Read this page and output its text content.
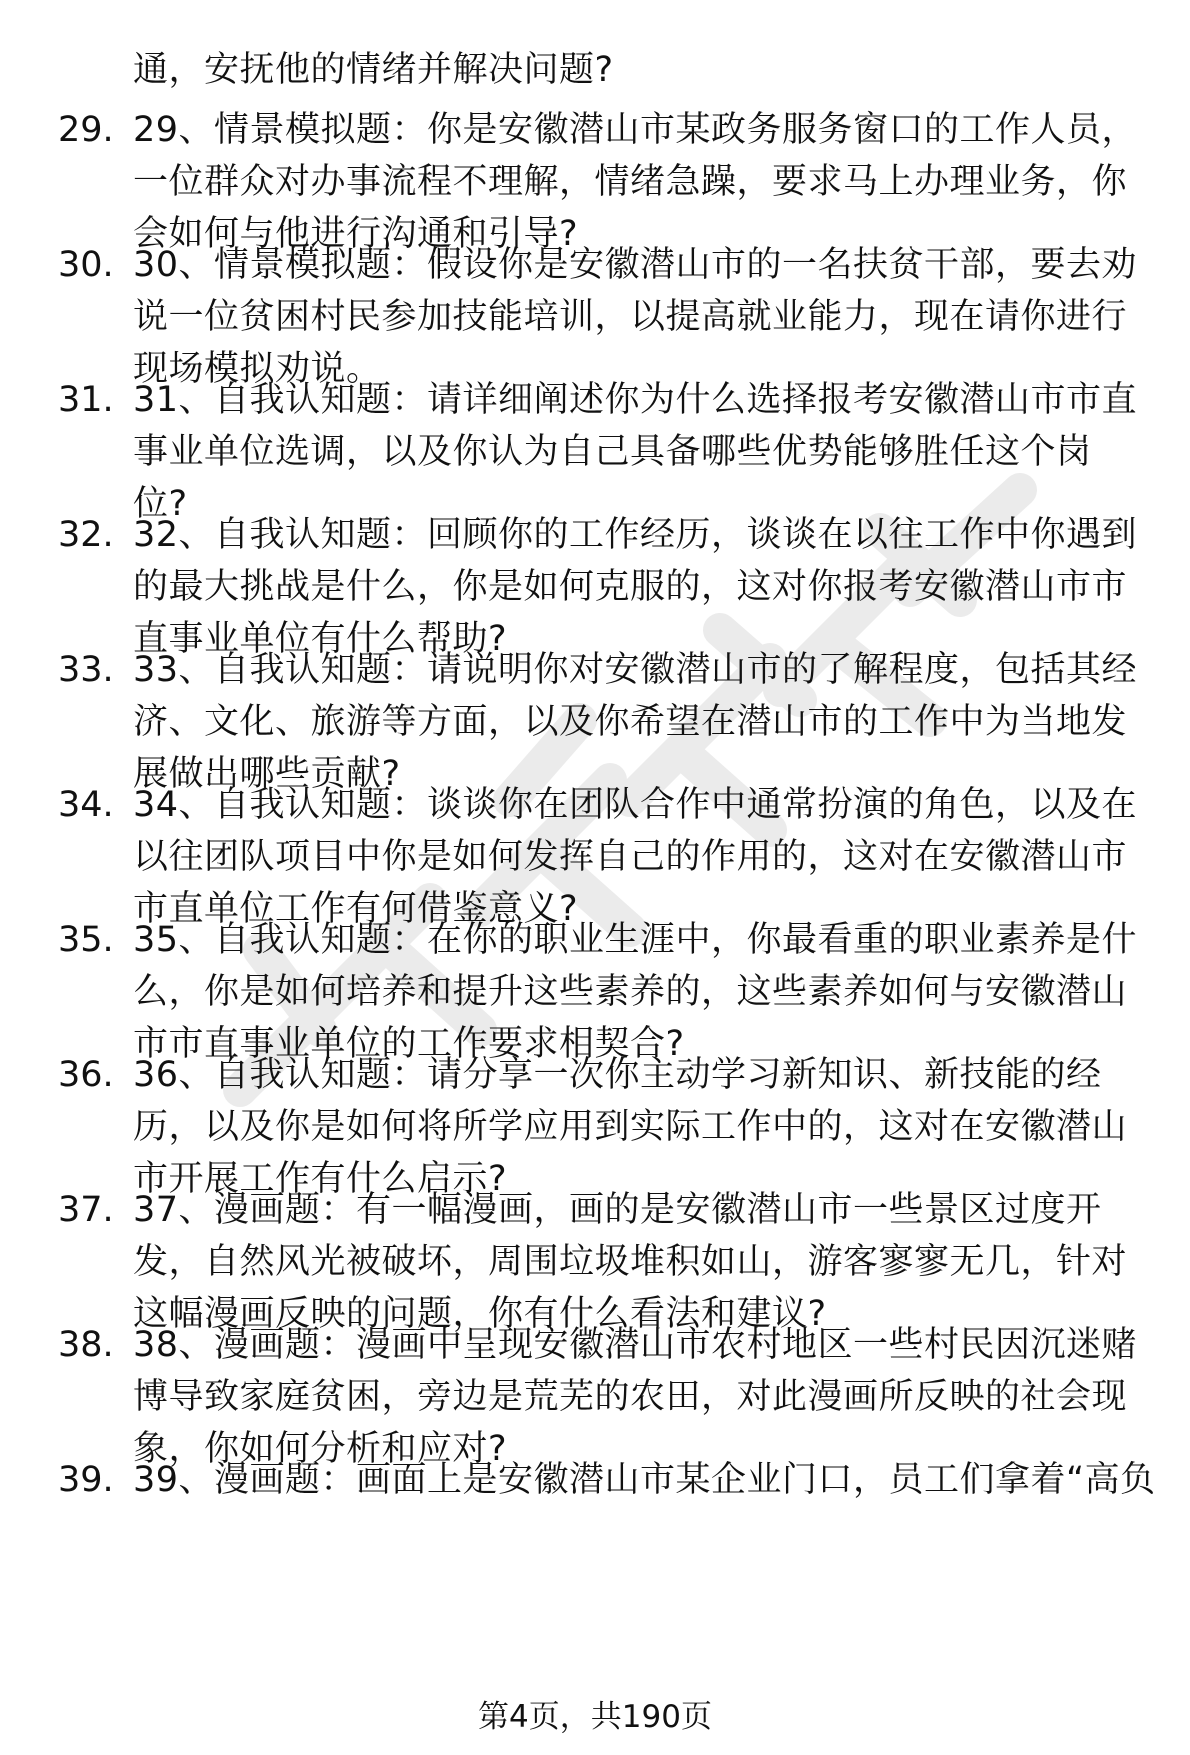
通，安抚他的情绪并解决问题?
29. 29、情景模拟题：你是安徽潜山市某政务服务窗口的工作人员，
一位群众对办事流程不理解，情绪急躁，要求马上办理业务，你
会如何与他进行沟通和引导?
30. 30、情景模拟题：假设你是安徽潜山市的一名扶贫干部，要去劝
说一位贫困村民参加技能培训，以提高就业能力，现在请你进行
现场模拟劝说。
31. 31、自我认知题：请详细阐述你为什么选择报考安徽潜山市市直
事业单位选调，以及你认为自己具备哪些优势能够胜任这个岗
位?
32. 32、自我认知题：回顾你的工作经历，谈谈在以往工作中你遇到
的最大挑战是什么，你是如何克服的，这对你报考安徽潜山市市
直事业单位有什么帮助?
33. 33、自我认知题：请说明你对安徽潜山市的了解程度，包括其经
济、文化、旅游等方面，以及你希望在潜山市的工作中为当地发
展做出哪些贡献?
34. 34、自我认知题：谈谈你在团队合作中通常扮演的角色，以及在
以往团队项目中你是如何发挥自己的作用的，这对在安徽潜山市
市直单位工作有何借鉴意义?
35. 35、自我认知题：在你的职业生涯中，你最看重的职业素养是什
么，你是如何培养和提升这些素养的，这些素养如何与安徽潜山
市市直事业单位的工作要求相契合?
36. 36、自我认知题：请分享一次你主动学习新知识、新技能的经
历，以及你是如何将所学应用到实际工作中的，这对在安徽潜山
市开展工作有什么启示?
37. 37、漫画题：有一幅漫画，画的是安徽潜山市一些景区过度开
发，自然风光被破坏，周围垃圾堆积如山，游客寥寥无几，针对
这幅漫画反映的问题，你有什么看法和建议?
38. 38、漫画题：漫画中呈现安徽潜山市农村地区一些村民因沉迷赌
博导致家庭贫困，旁边是荒芜的农田，对此漫画所反映的社会现
象，你如何分析和应对?
39. 39、漫画题：画面上是安徽潜山市某企业门口，员工们拿着“高负
第4页，共190页
